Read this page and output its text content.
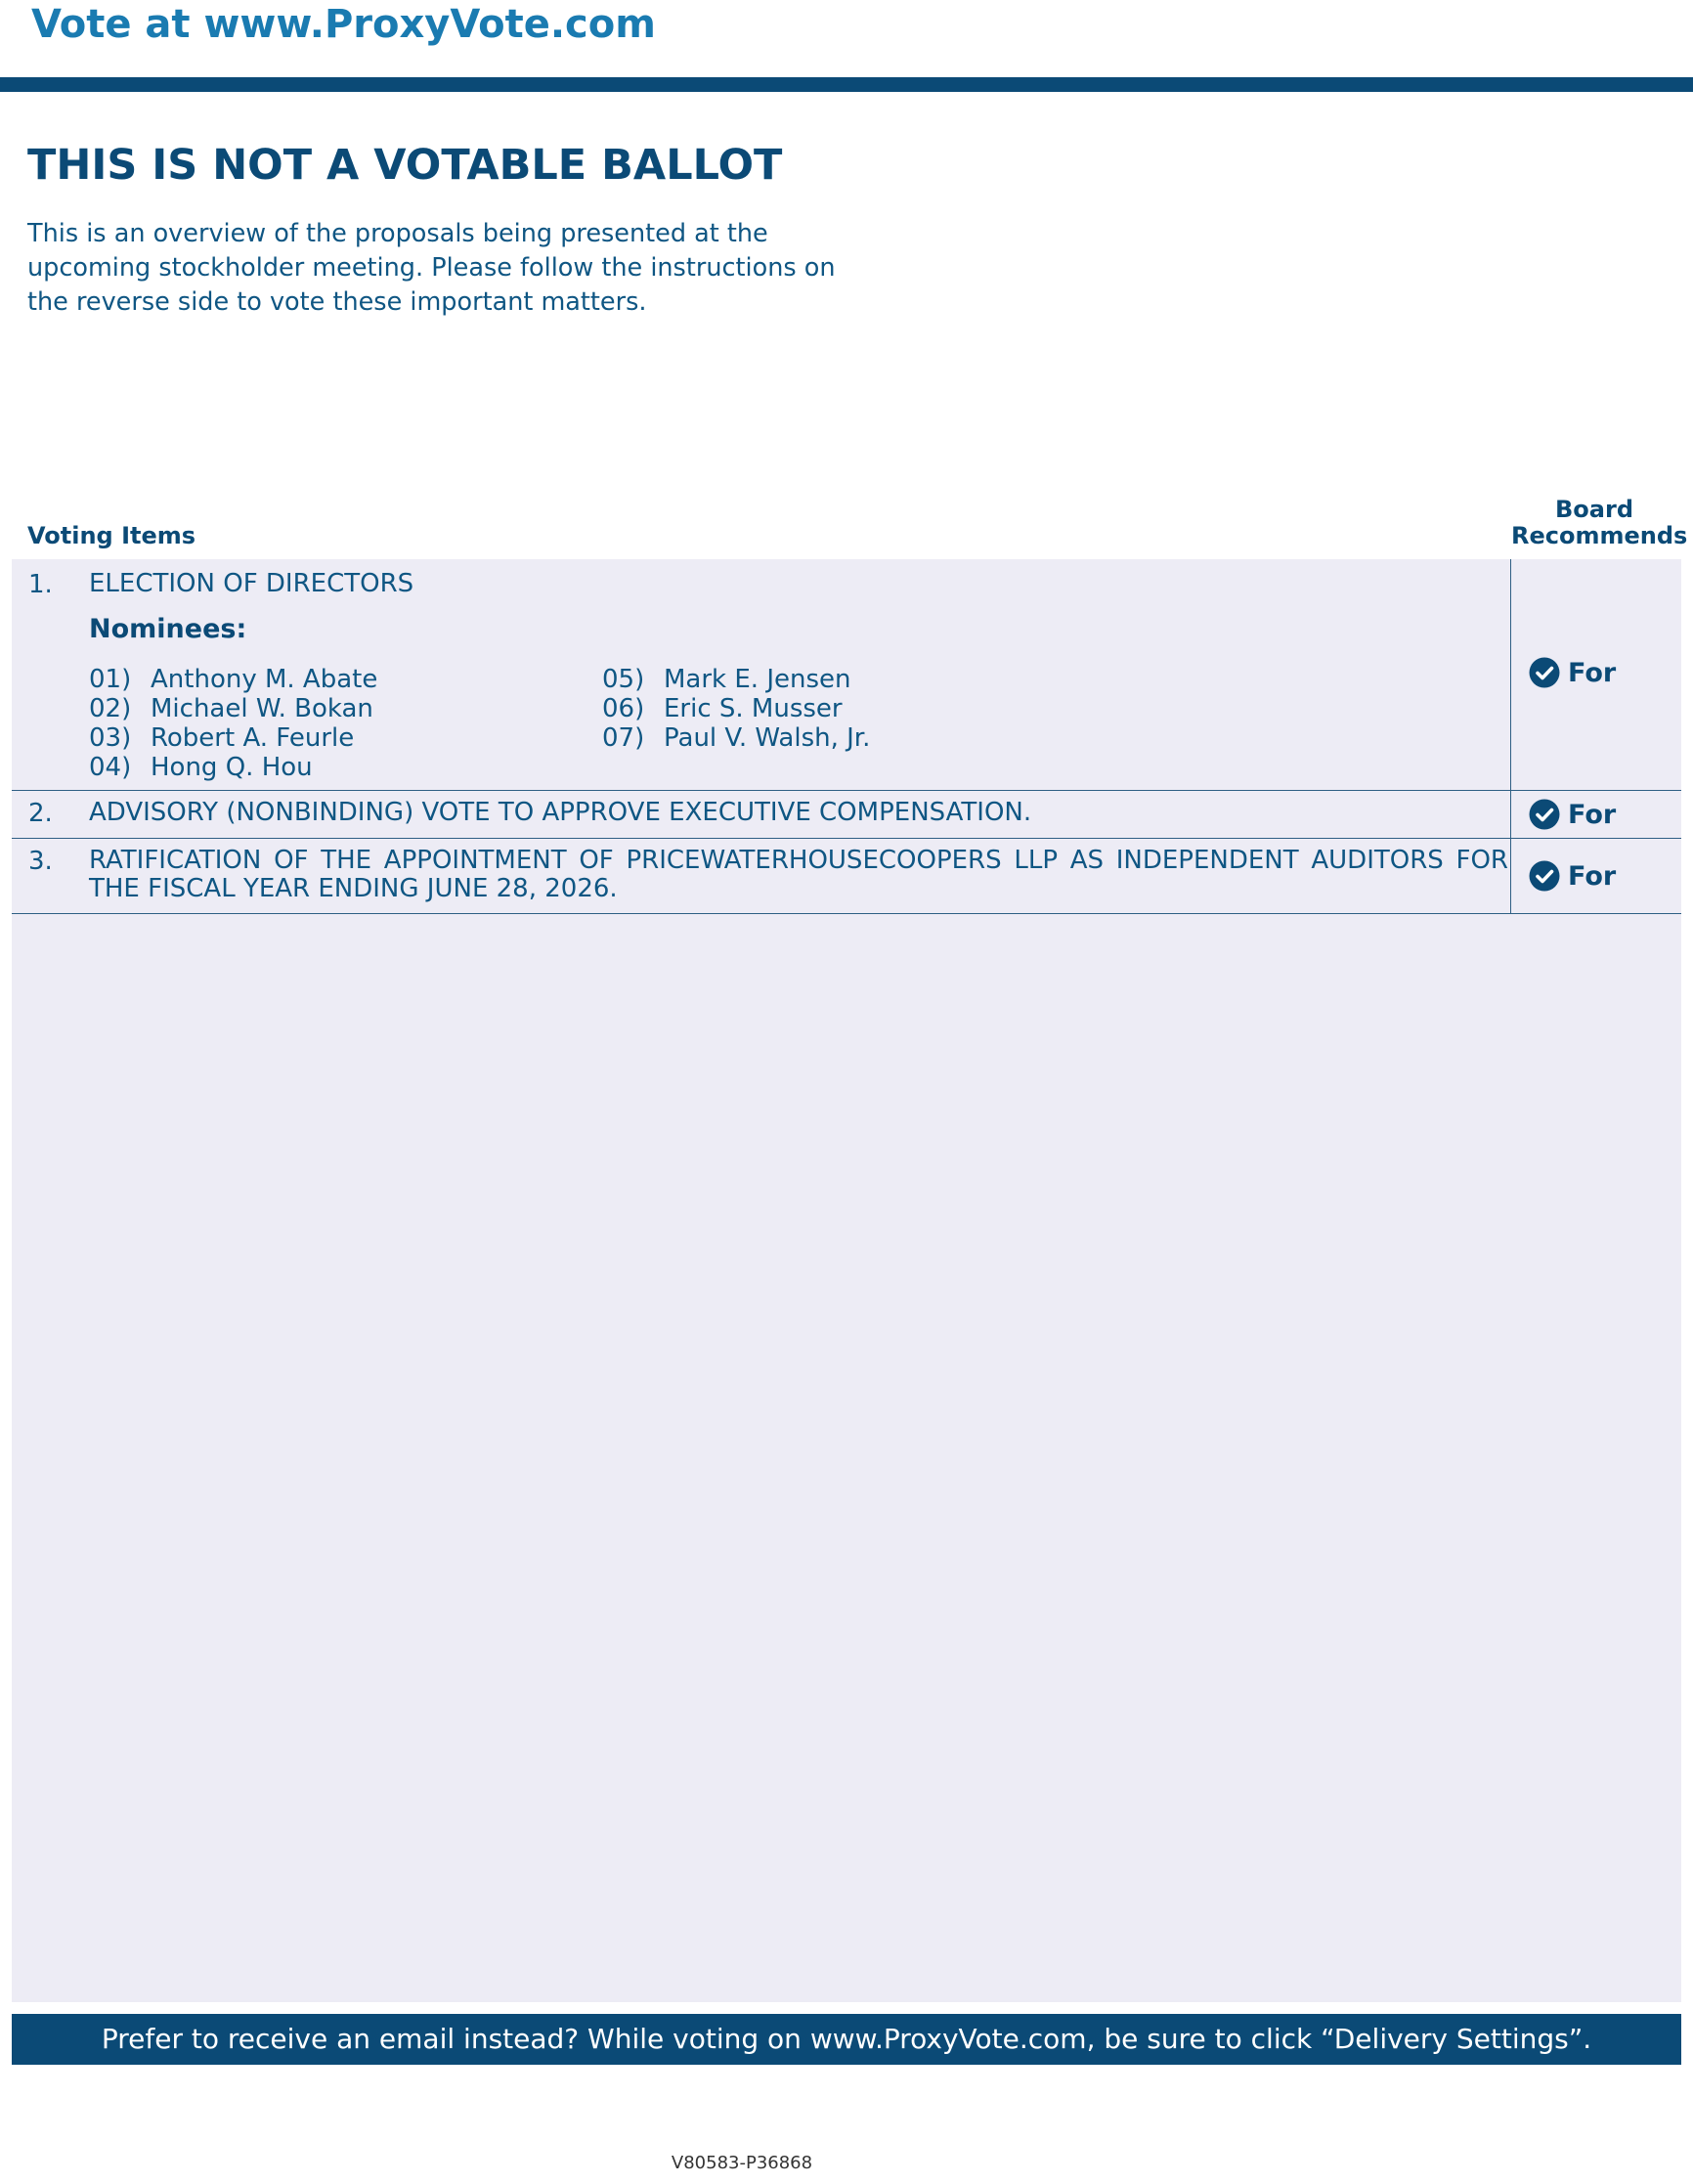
Vote at www.ProxyVote.com
THIS IS NOT A VOTABLE BALLOT
This is an overview of the proposals being presented at the
upcoming stockholder meeting. Please follow the instructions on
the reverse side to vote these important matters.
Voting Items
Board
Recommends
1. ELECTION OF DIRECTORS
Nominees:
01) Anthony M. Abate
02) Michael W. Bokan
03) Robert A. Feurle
04) Hong Q. Hou
05) Mark E. Jensen
06) Eric S. Musser
07) Paul V. Walsh, Jr.
For
2. ADVISORY (NONBINDING) VOTE TO APPROVE EXECUTIVE COMPENSATION.	For
3. RATIFICATION OF THE APPOINTMENT OF PRICEWATERHOUSECOOPERS LLP AS INDEPENDENT AUDITORS FOR THE FISCAL YEAR ENDING JUNE 28, 2026.	For
Prefer to receive an email instead? While voting on www.ProxyVote.com, be sure to click “Delivery Settings”.
V80583-P36868
